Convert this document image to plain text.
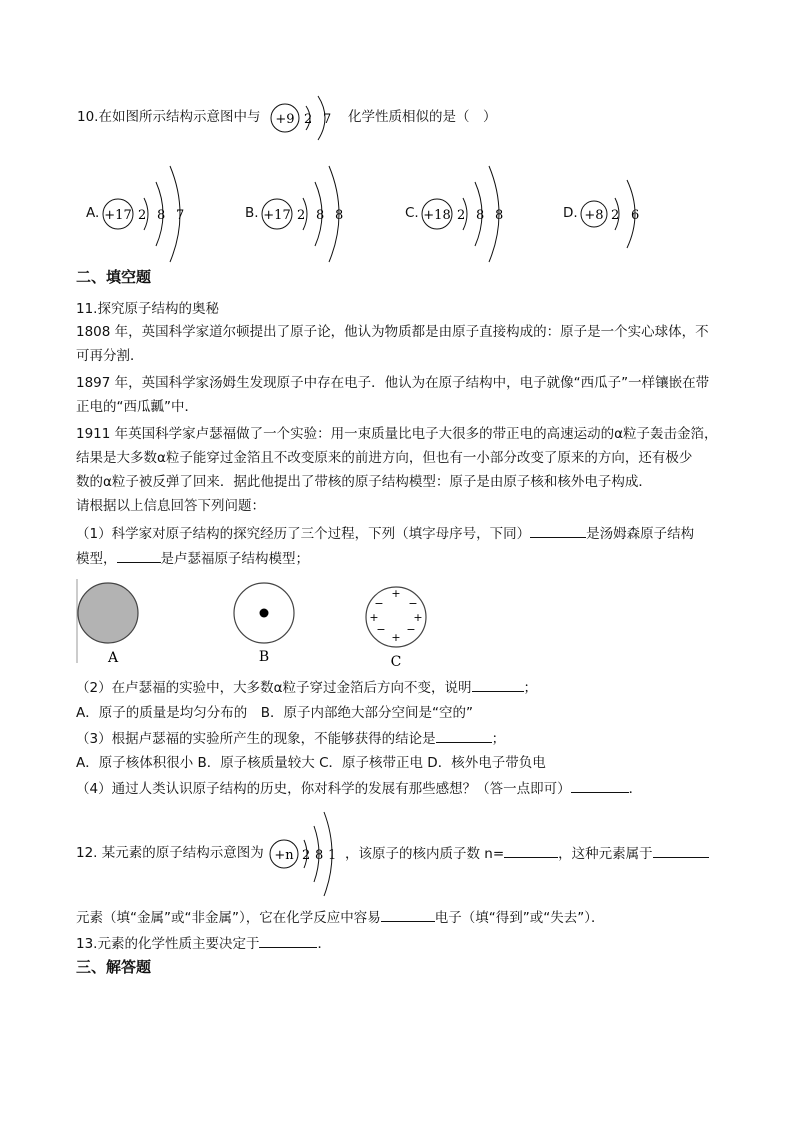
10.在如图所示结构示意图中与 +9 2 7 化学性质相似的是（　）
A. +17 2 8 7	B. +17 2 8 8	C. +18 2 8 8	D. +8 2 6
二、填空题
11.探究原子结构的奥秘
1808 年，英国科学家道尔顿提出了原子论，他认为物质都是由原子直接构成的：原子是一个实心球体，不
可再分割．
1897 年，英国科学家汤姆生发现原子中存在电子．他认为在原子结构中，电子就像“西瓜子”一样镶嵌在带
正电的“西瓜瓤”中．
1911 年英国科学家卢瑟福做了一个实验：用一束质量比电子大很多的带正电的高速运动的α粒子轰击金箔，
结果是大多数α粒子能穿过金箔且不改变原来的前进方向，但也有一小部分改变了原来的方向，还有极少
数的α粒子被反弹了回来．据此他提出了带核的原子结构模型：原子是由原子核和核外电子构成．
请根据以上信息回答下列问题：
（1）科学家对原子结构的探究经历了三个过程，下列（填字母序号，下同）	是汤姆森原子结构
模型，	是卢瑟福原子结构模型；
+
− −
+	+
− −
+
A	B	C
（2）在卢瑟福的实验中，大多数α粒子穿过金箔后方向不变，说明	；
A．原子的质量是均匀分布的　B．原子内部绝大部分空间是“空的”
（3）根据卢瑟福的实验所产生的现象，不能够获得的结论是	；
A．原子核体积很小 B．原子核质量较大 C．原子核带正电 D．核外电子带负电
（4）通过人类认识原子结构的历史，你对科学的发展有那些感想？（答一点即可）	．
12. 某元素的原子结构示意图为 +n 2 8 1 ，该原子的核内质子数 n=	，这种元素属于
元素（填“金属”或“非金属”），它在化学反应中容易	电子（填“得到”或“失去”）．
13.元素的化学性质主要决定于	．
三、解答题
